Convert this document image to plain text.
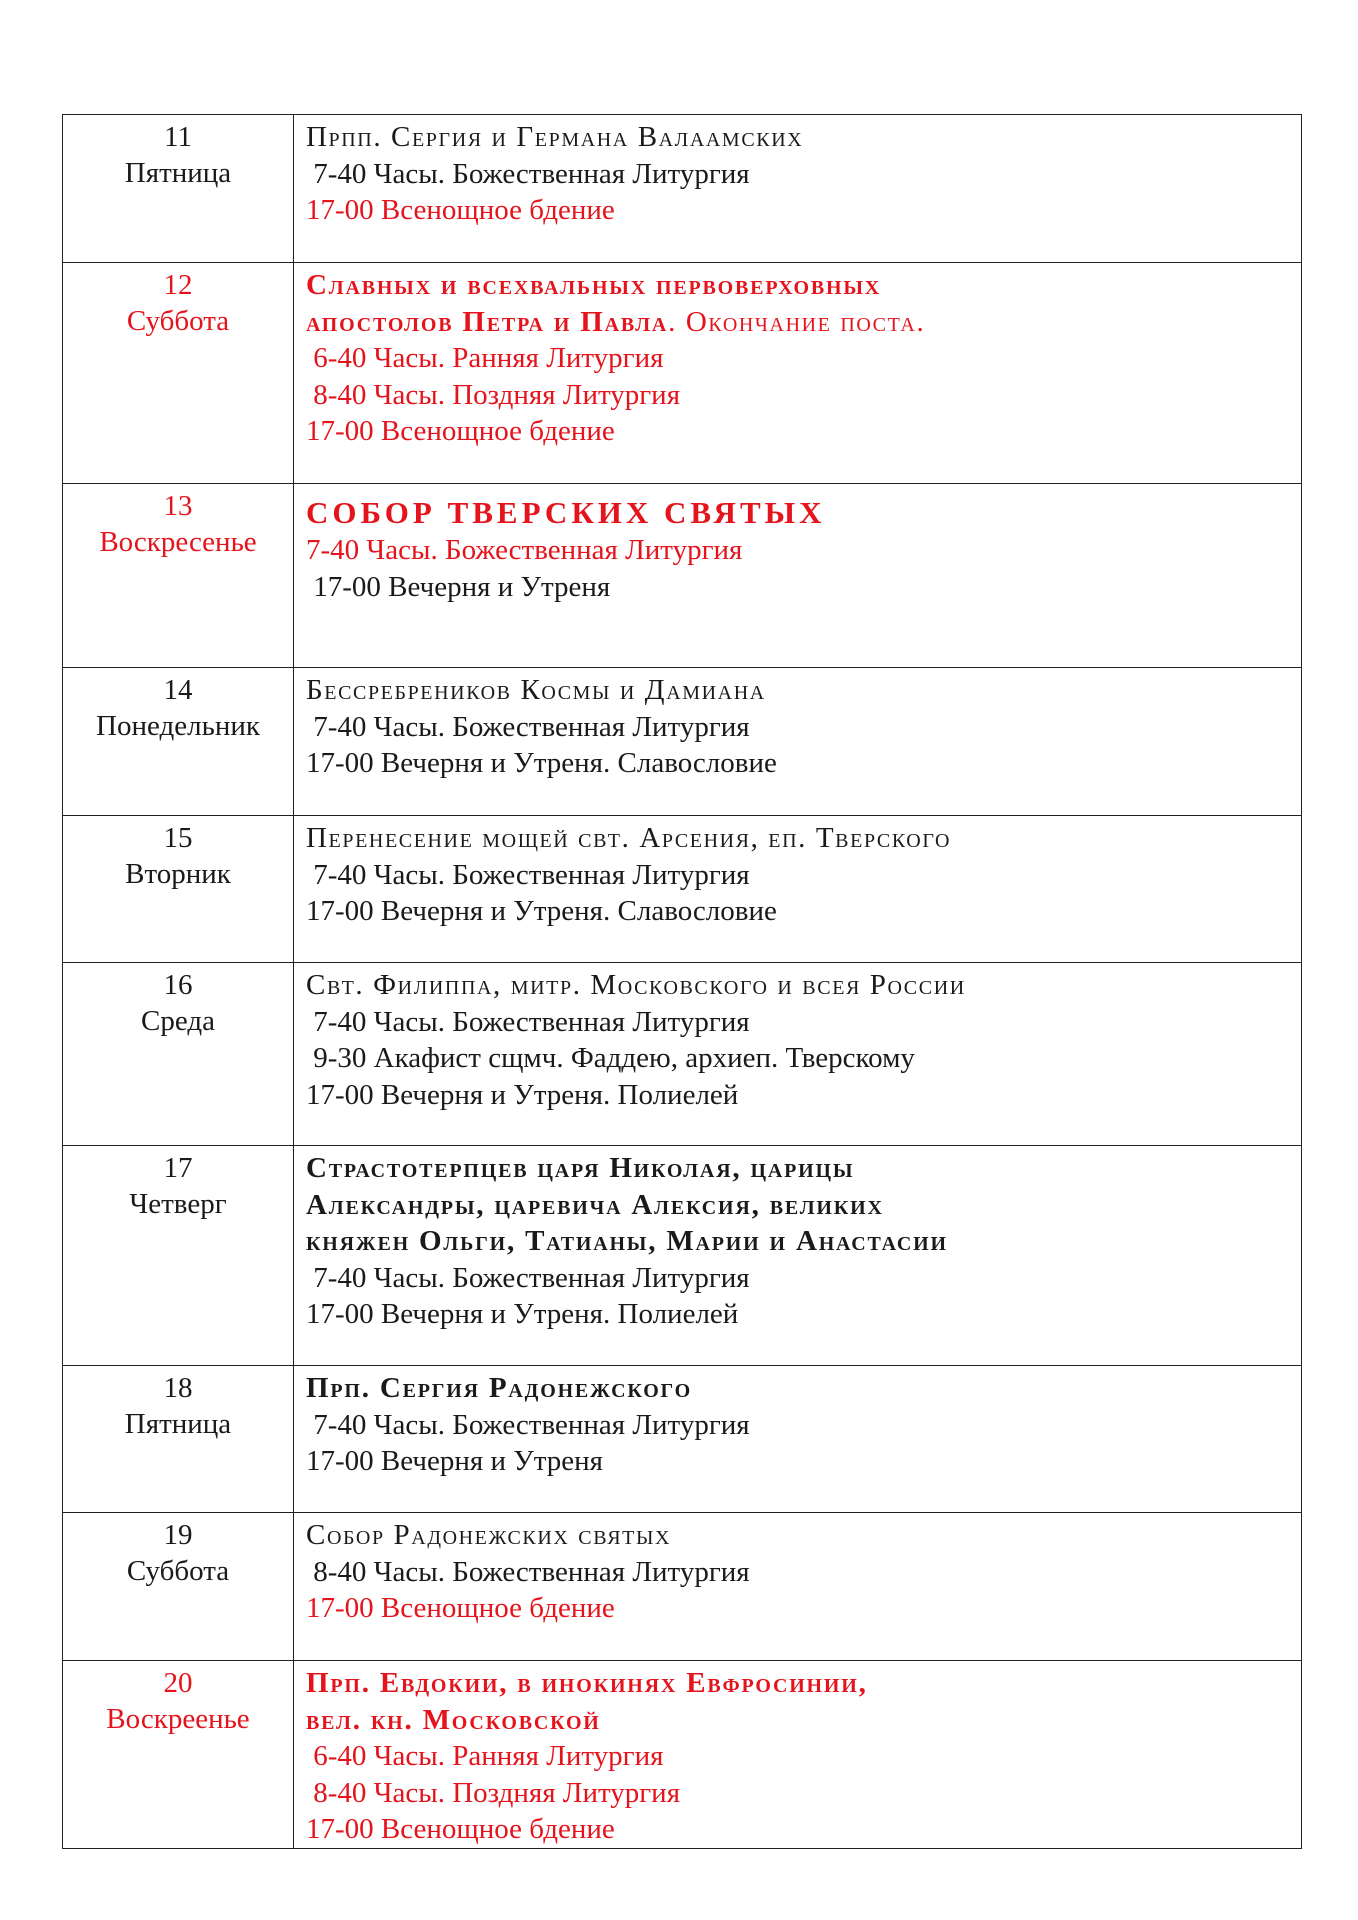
11
Пятница	Прпп. Сергия и Германа Валаамских
7-40 Часы. Божественная Литургия
17-00 Всенощное бдение

12
Суббота	Славных и всехвальных первоверховных
апостолов Петра и Павла. Окончание поста.
6-40 Часы. Ранняя Литургия
8-40 Часы. Поздняя Литургия
17-00 Всенощное бдение

13
Воскресенье	СОБОР ТВЕРСКИХ СВЯТЫХ
7-40 Часы. Божественная Литургия
17-00 Вечерня и Утреня

14
Понедельник	Бессребреников Космы и Дамиана
7-40 Часы. Божественная Литургия
17-00 Вечерня и Утреня. Славословие

15
Вторник	Перенесение мощей свт. Арсения, еп. Тверского
7-40 Часы. Божественная Литургия
17-00 Вечерня и Утреня. Славословие

16
Среда	Свт. Филиппа, митр. Московского и всея России
7-40 Часы. Божественная Литургия
9-30 Акафист сщмч. Фаддею, архиеп. Тверскому
17-00 Вечерня и Утреня. Полиелей

17
Четверг	Страстотерпцев царя Николая, царицы
Александры, царевича Алексия, великих
княжен Ольги, Татианы, Марии и Анастасии
7-40 Часы. Божественная Литургия
17-00 Вечерня и Утреня. Полиелей

18
Пятница	Прп. Сергия Радонежского
7-40 Часы. Божественная Литургия
17-00 Вечерня и Утреня

19
Суббота	Собор Радонежских святых
8-40 Часы. Божественная Литургия
17-00 Всенощное бдение

20
Воскреенье	Прп. Евдокии, в инокинях Евфросинии,
вел. кн. Московской
6-40 Часы. Ранняя Литургия
8-40 Часы. Поздняя Литургия
17-00 Всенощное бдение
